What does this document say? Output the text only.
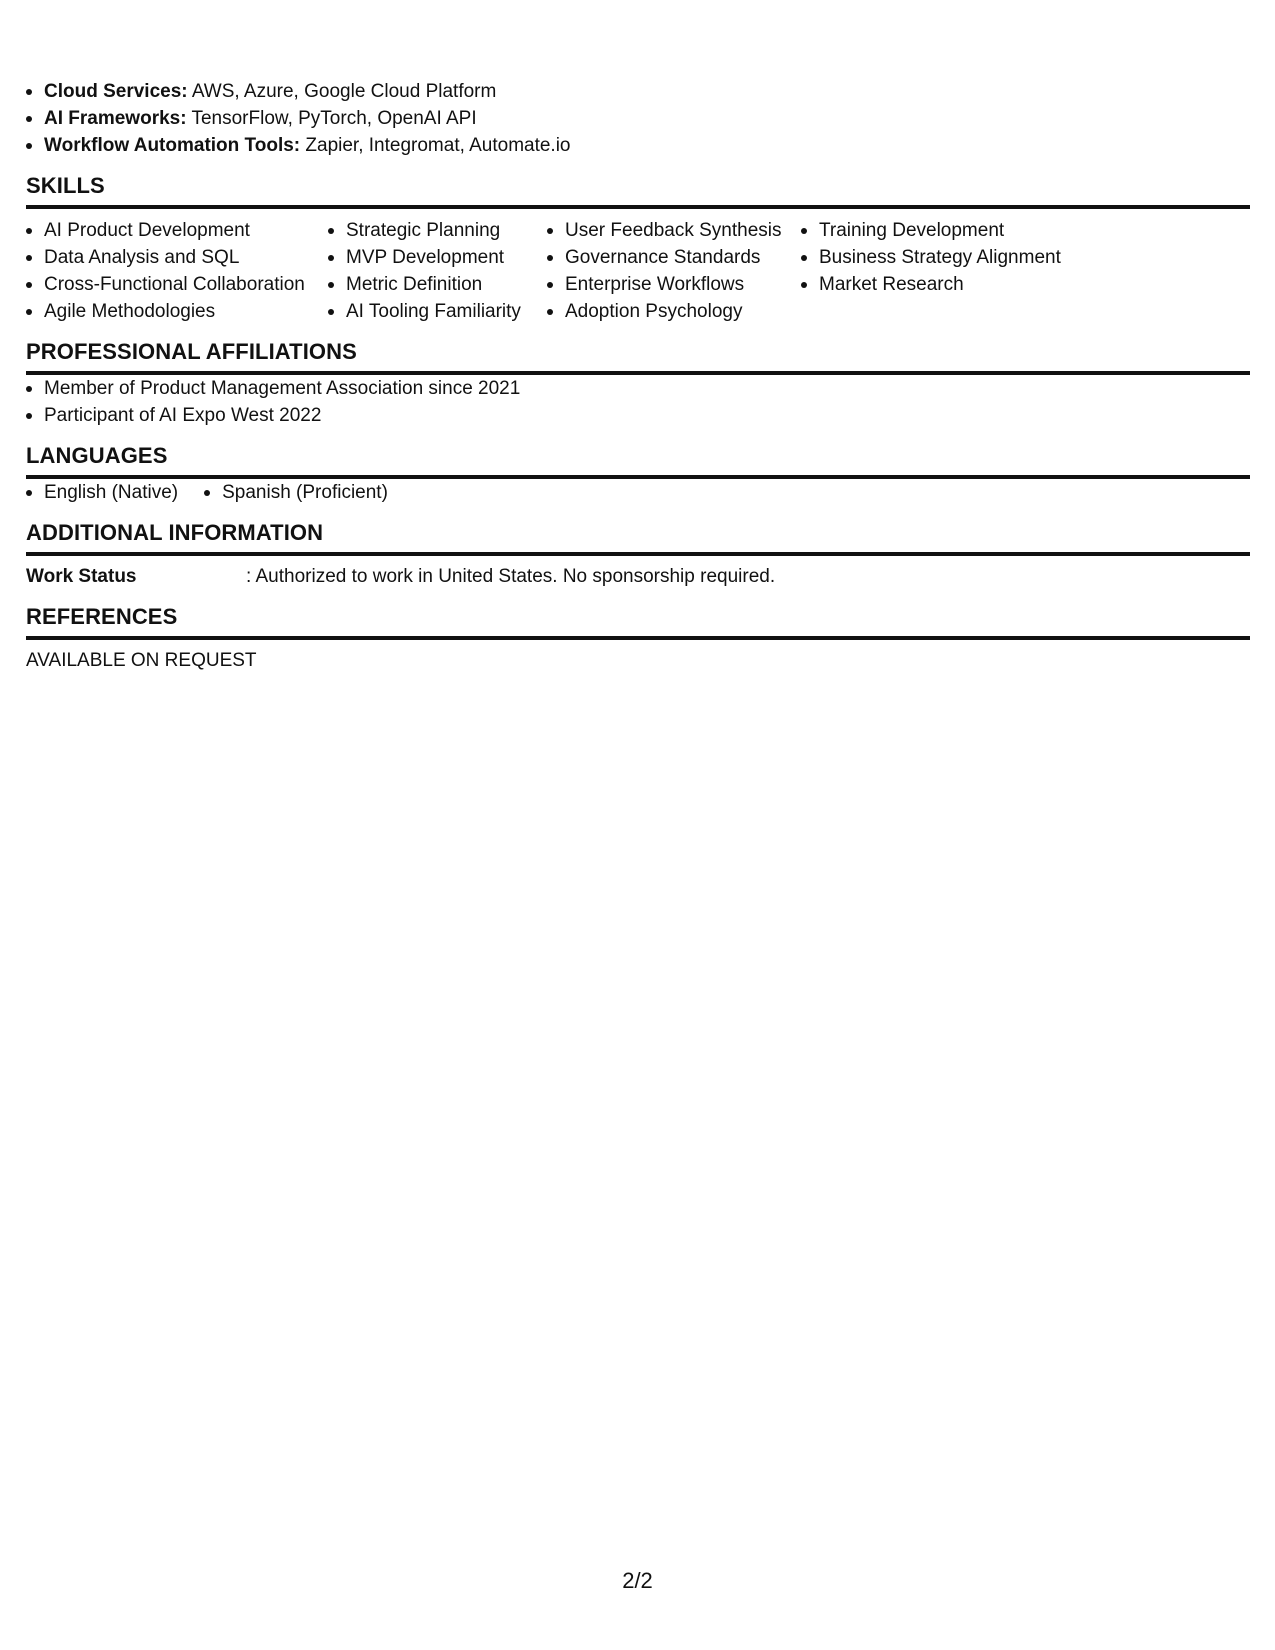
Cloud Services: AWS, Azure, Google Cloud Platform
AI Frameworks: TensorFlow, PyTorch, OpenAI API
Workflow Automation Tools: Zapier, Integromat, Automate.io
SKILLS
AI Product Development
Data Analysis and SQL
Cross-Functional Collaboration
Agile Methodologies
Strategic Planning
MVP Development
Metric Definition
AI Tooling Familiarity
User Feedback Synthesis
Governance Standards
Enterprise Workflows
Adoption Psychology
Training Development
Business Strategy Alignment
Market Research
PROFESSIONAL AFFILIATIONS
Member of Product Management Association since 2021
Participant of AI Expo West 2022
LANGUAGES
English (Native)	Spanish (Proficient)
ADDITIONAL INFORMATION
Work Status	: Authorized to work in United States. No sponsorship required.
REFERENCES
AVAILABLE ON REQUEST
2/2
